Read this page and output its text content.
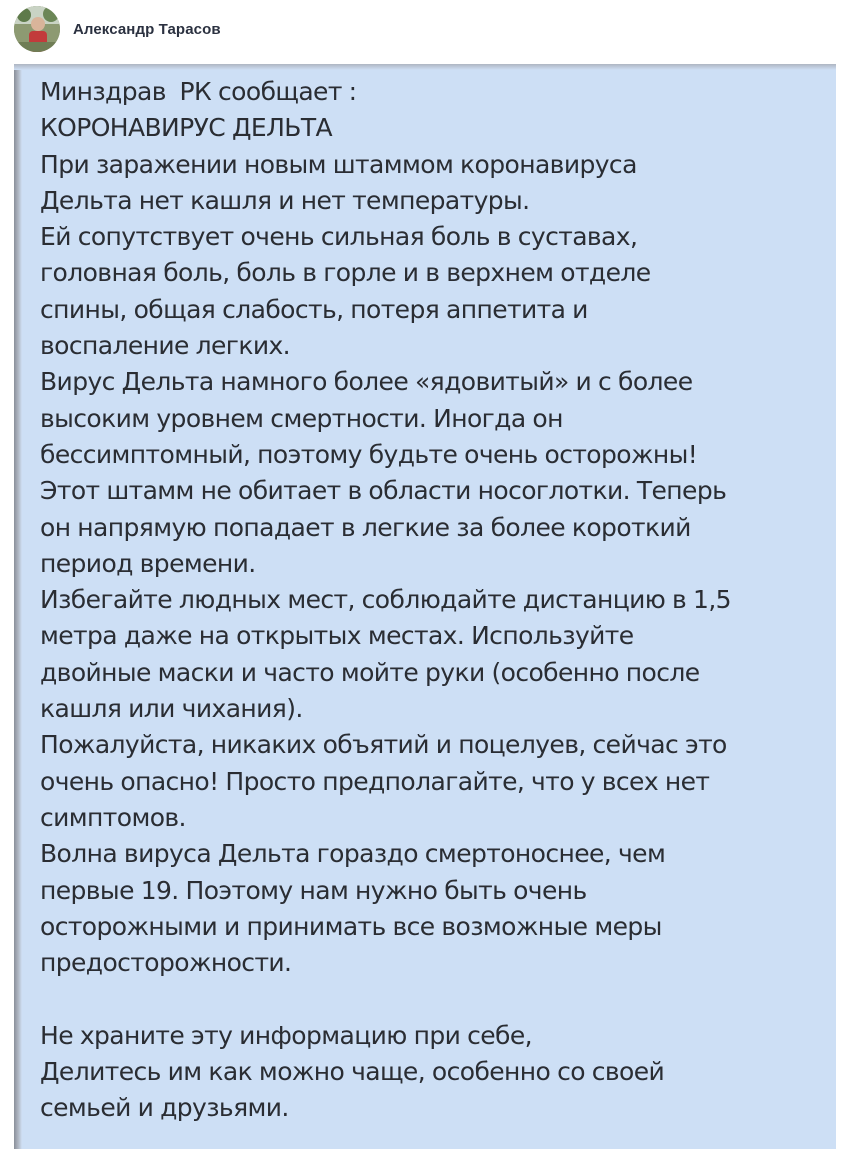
Александр Тарасов
Минздрав  РК сообщает :
КОРОНАВИРУС ДЕЛЬТА
При заражении новым штаммом коронавируса
Дельта нет кашля и нет температуры.
Ей сопутствует очень сильная боль в суставах,
головная боль, боль в горле и в верхнем отделе
спины, общая слабость, потеря аппетита и
воспаление легких.
Вирус Дельта намного более «ядовитый» и с более
высоким уровнем смертности. Иногда он
бессимптомный, поэтому будьте очень осторожны!
Этот штамм не обитает в области носоглотки. Теперь
он напрямую попадает в легкие за более короткий
период времени.
Избегайте людных мест, соблюдайте дистанцию в 1,5
метра даже на открытых местах. Используйте
двойные маски и часто мойте руки (особенно после
кашля или чихания).
Пожалуйста, никаких объятий и поцелуев, сейчас это
очень опасно! Просто предполагайте, что у всех нет
симптомов.
Волна вируса Дельта гораздо смертоноснее, чем
первые 19. Поэтому нам нужно быть очень
осторожными и принимать все возможные меры
предосторожности.

Не храните эту информацию при себе,
Делитесь им как можно чаще, особенно со своей
семьей и друзьями.
